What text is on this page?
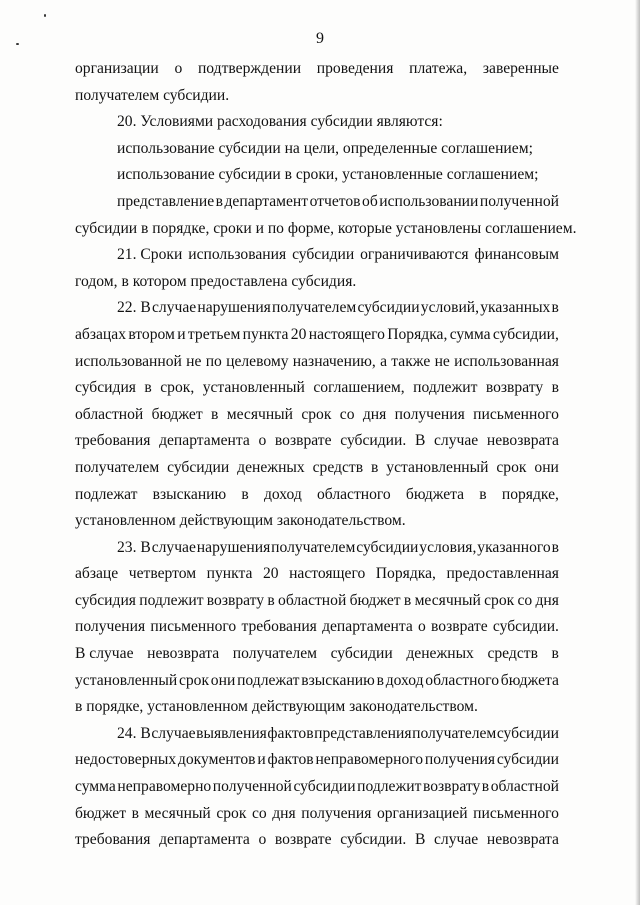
9
организации о подтверждении проведения платежа, заверенные
получателем субсидии.
20. Условиями расходования субсидии являются:
использование субсидии на цели, определенные соглашением;
использование субсидии в сроки, установленные соглашением;
представление в департамент отчетов об использовании полученной
субсидии в порядке, сроки и по форме, которые установлены соглашением.
21. Сроки использования субсидии ограничиваются финансовым
годом, в котором предоставлена субсидия.
22. В случае нарушения получателем субсидии условий, указанных в
абзацах втором и третьем пункта 20 настоящего Порядка, сумма субсидии,
использованной не по целевому назначению, а также не использованная
субсидия в срок, установленный соглашением, подлежит возврату в
областной бюджет в месячный срок со дня получения письменного
требования департамента о возврате субсидии. В случае невозврата
получателем субсидии денежных средств в установленный срок они
подлежат взысканию в доход областного бюджета в порядке,
установленном действующим законодательством.
23. В случае нарушения получателем субсидии условия, указанного в
абзаце четвертом пункта 20 настоящего Порядка, предоставленная
субсидия подлежит возврату в областной бюджет в месячный срок со дня
получения письменного требования департамента о возврате субсидии.
В случае невозврата получателем субсидии денежных средств в
установленный срок они подлежат взысканию в доход областного бюджета
в порядке, установленном действующим законодательством.
24. В случае выявления фактов представления получателем субсидии
недостоверных документов и фактов неправомерного получения субсидии
сумма неправомерно полученной субсидии подлежит возврату в областной
бюджет в месячный срок со дня получения организацией письменного
требования департамента о возврате субсидии. В случае невозврата
